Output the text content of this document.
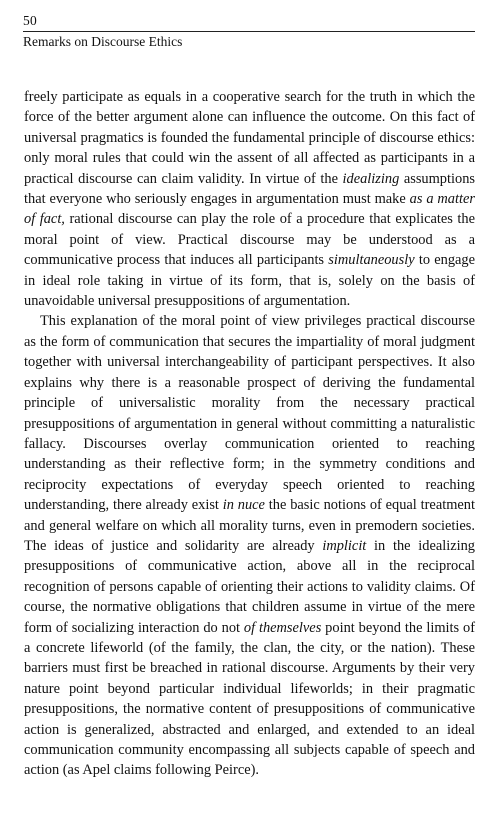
50
Remarks on Discourse Ethics

freely participate as equals in a cooperative search for the truth in which the force of the better argument alone can influence the outcome. On this fact of universal pragmatics is founded the fundamental principle of discourse ethics: only moral rules that could win the assent of all affected as participants in a practical discourse can claim validity. In virtue of the idealizing assumptions that everyone who seriously engages in argumentation must make as a matter of fact, rational discourse can play the role of a procedure that explicates the moral point of view. Practical discourse may be understood as a communicative process that induces all participants simultaneously to engage in ideal role taking in virtue of its form, that is, solely on the basis of unavoidable universal presuppositions of argumentation.

This explanation of the moral point of view privileges practical discourse as the form of communication that secures the impartiality of moral judgment together with universal interchangeability of participant perspectives. It also explains why there is a reasonable prospect of deriving the fundamental principle of universalistic morality from the necessary practical presuppositions of argumentation in general without committing a naturalistic fallacy. Discourses overlay communication oriented to reaching understanding as their reflective form; in the symmetry conditions and reciprocity expectations of everyday speech oriented to reaching understanding, there already exist in nuce the basic notions of equal treatment and general welfare on which all morality turns, even in premodern societies. The ideas of justice and solidarity are already implicit in the idealizing presuppositions of communicative action, above all in the reciprocal recognition of persons capable of orienting their actions to validity claims. Of course, the normative obligations that children assume in virtue of the mere form of socializing interaction do not of themselves point beyond the limits of a concrete lifeworld (of the family, the clan, the city, or the nation). These barriers must first be breached in rational discourse. Arguments by their very nature point beyond particular individual lifeworlds; in their pragmatic presuppositions, the normative content of presuppositions of communicative action is generalized, abstracted and enlarged, and extended to an ideal communication community encompassing all subjects capable of speech and action (as Apel claims following Peirce).
